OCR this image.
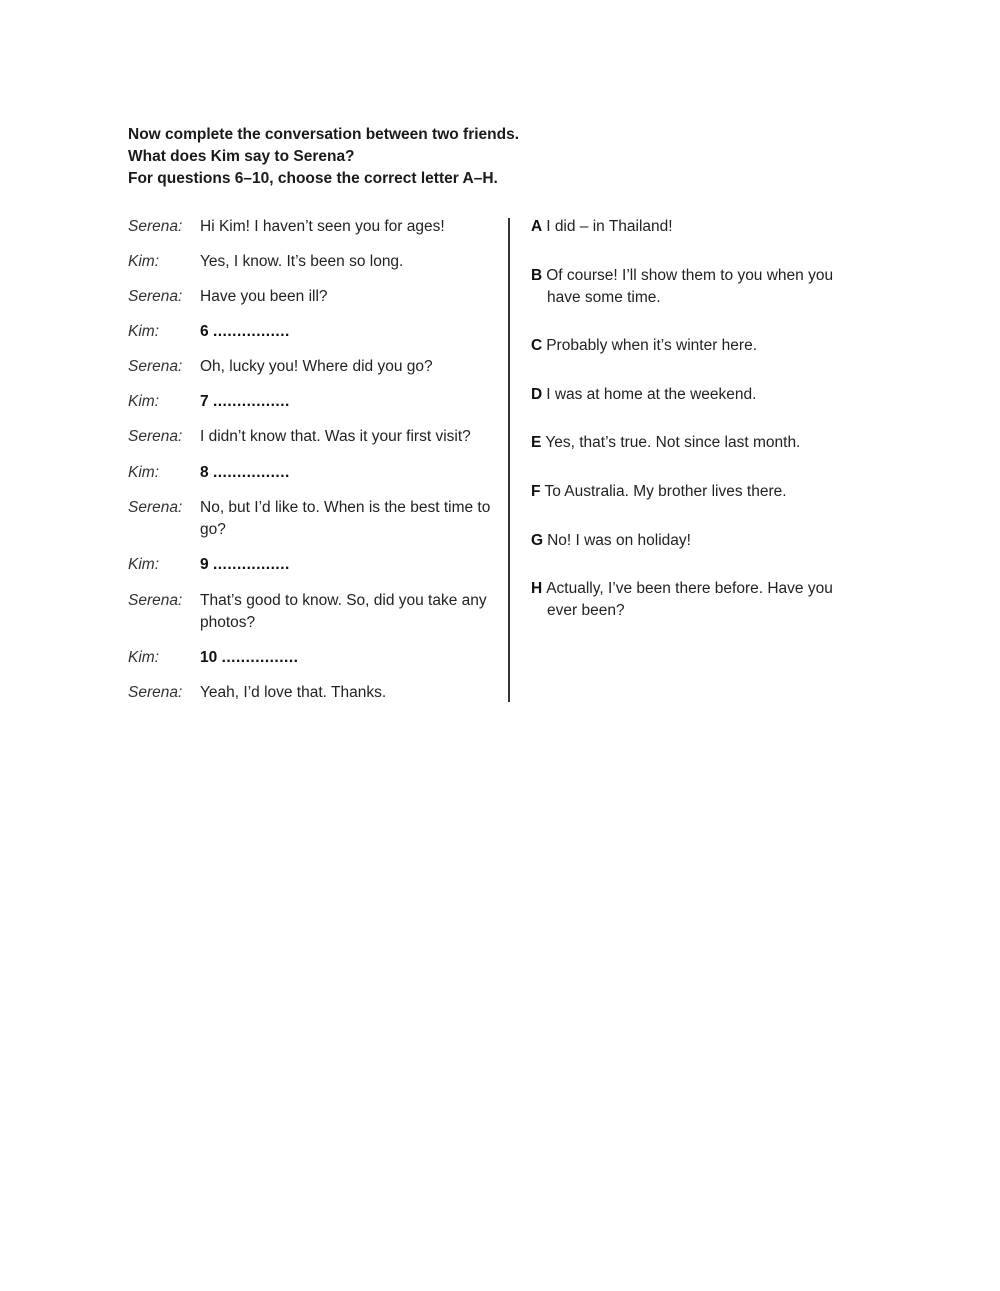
Now complete the conversation between two friends.
What does Kim say to Serena?
For questions 6–10, choose the correct letter A–H.
Serena:	Hi Kim! I haven’t seen you for ages!
Kim:	Yes, I know. It’s been so long.
Serena:	Have you been ill?
Kim:	6 ................
Serena:	Oh, lucky you! Where did you go?
Kim:	7 ................
Serena:	I didn’t know that. Was it your first visit?
Kim:	8 ................
Serena:	No, but I’d like to. When is the best time to go?
Kim:	9 ................
Serena:	That’s good to know. So, did you take any photos?
Kim:	10 ................
Serena:	Yeah, I’d love that. Thanks.
A I did – in Thailand!
B Of course! I’ll show them to you when you
have some time.
C Probably when it’s winter here.
D I was at home at the weekend.
E Yes, that’s true. Not since last month.
F To Australia. My brother lives there.
G No! I was on holiday!
H Actually, I’ve been there before. Have you
ever been?
